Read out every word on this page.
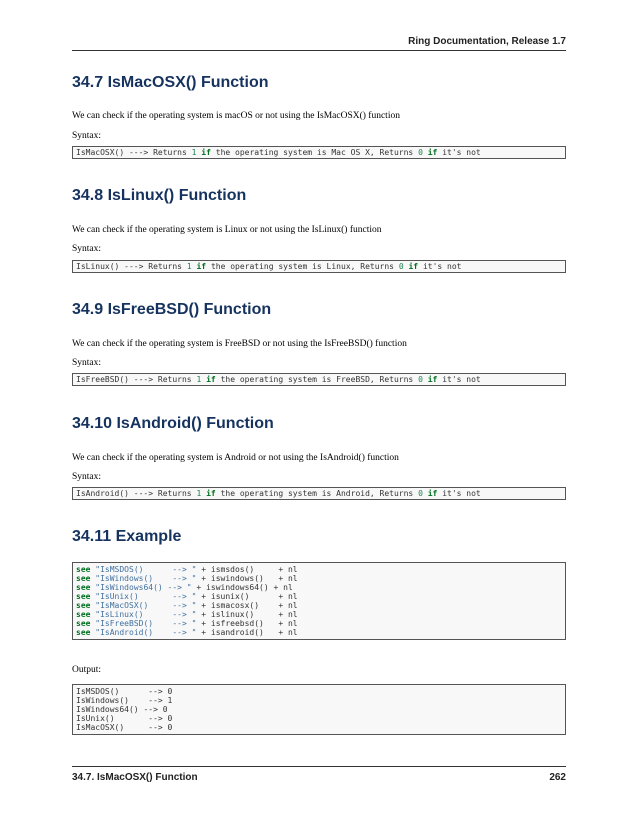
Ring Documentation, Release 1.7
34.7 IsMacOSX() Function

We can check if the operating system is macOS or not using the IsMacOSX() function

Syntax:

IsMacOSX() ---> Returns 1 if the operating system is Mac OS X, Returns 0 if it's not
34.8 IsLinux() Function

We can check if the operating system is Linux or not using the IsLinux() function

Syntax:

IsLinux() ---> Returns 1 if the operating system is Linux, Returns 0 if it's not
34.9 IsFreeBSD() Function

We can check if the operating system is FreeBSD or not using the IsFreeBSD() function

Syntax:

IsFreeBSD() ---> Returns 1 if the operating system is FreeBSD, Returns 0 if it's not
34.10 IsAndroid() Function

We can check if the operating system is Android or not using the IsAndroid() function

Syntax:

IsAndroid() ---> Returns 1 if the operating system is Android, Returns 0 if it's not
34.11 Example
see "IsMSDOS()      --> " + ismsdos()     + nl
see "IsWindows()    --> " + iswindows()   + nl
see "IsWindows64() --> " + iswindows64() + nl
see "IsUnix()       --> " + isunix()      + nl
see "IsMacOSX()     --> " + ismacosx()    + nl
see "IsLinux()      --> " + islinux()     + nl
see "IsFreeBSD()    --> " + isfreebsd()   + nl
see "IsAndroid()    --> " + isandroid()   + nl

Output:

IsMSDOS()      --> 0
IsWindows()    --> 1
IsWindows64() --> 0
IsUnix()       --> 0
IsMacOSX()     --> 0
34.7. IsMacOSX() Function	262
